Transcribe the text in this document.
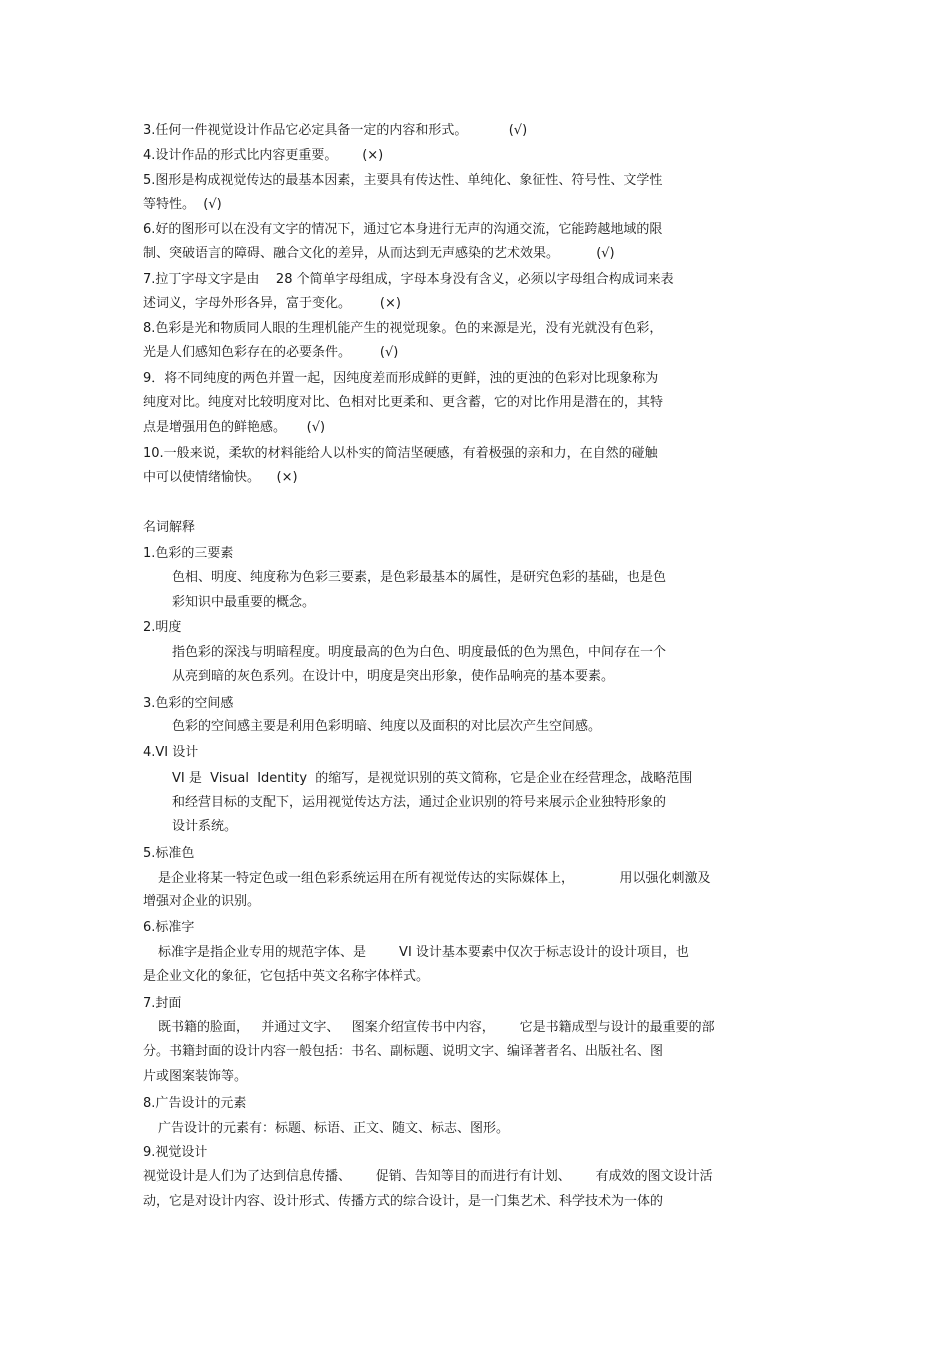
3.任何一件视觉设计作品它必定具备一定的内容和形式。          (√)
4.设计作品的形式比内容更重要。      (×)
5.图形是构成视觉传达的最基本因素，主要具有传达性、单纯化、象征性、符号性、文学性
等特性。  (√)
6.好的图形可以在没有文字的情况下，通过它本身进行无声的沟通交流，它能跨越地域的限
制、突破语言的障碍、融合文化的差异，从而达到无声感染的艺术效果。         (√)
7.拉丁字母文字是由    28 个简单字母组成，字母本身没有含义，必须以字母组合构成词来表
述词义，字母外形各异，富于变化。       (×)
8.色彩是光和物质同人眼的生理机能产生的视觉现象。色的来源是光，没有光就没有色彩，
光是人们感知色彩存在的必要条件。       (√)
9．将不同纯度的两色并置一起，因纯度差而形成鲜的更鲜，浊的更浊的色彩对比现象称为
纯度对比。纯度对比较明度对比、色相对比更柔和、更含蓄，它的对比作用是潜在的，其特
点是增强用色的鲜艳感。     (√)
10.一般来说，柔软的材料能给人以朴实的简洁坚硬感，有着极强的亲和力，在自然的碰触
中可以使情绪愉快。    (×)
名词解释
1.色彩的三要素
色相、明度、纯度称为色彩三要素，是色彩最基本的属性，是研究色彩的基础，也是色
彩知识中最重要的概念。
2.明度
指色彩的深浅与明暗程度。明度最高的色为白色、明度最低的色为黑色，中间存在一个
从亮到暗的灰色系列。在设计中，明度是突出形象，使作品响亮的基本要素。
3.色彩的空间感
色彩的空间感主要是利用色彩明暗、纯度以及面积的对比层次产生空间感。
4.VI 设计
VI 是  Visual  Identity  的缩写，是视觉识别的英文简称，它是企业在经营理念，战略范围
和经营目标的支配下，运用视觉传达方法，通过企业识别的符号来展示企业独特形象的
设计系统。
5.标准色
是企业将某一特定色或一组色彩系统运用在所有视觉传达的实际媒体上，           用以强化刺激及
增强对企业的识别。
6.标准字
标准字是指企业专用的规范字体、是        VI 设计基本要素中仅次于标志设计的设计项目，也
是企业文化的象征，它包括中英文名称字体样式。
7.封面
既书籍的脸面，   并通过文字、   图案介绍宣传书中内容，      它是书籍成型与设计的最重要的部
分。书籍封面的设计内容一般包括：书名、副标题、说明文字、编译著者名、出版社名、图
片或图案装饰等。
8.广告设计的元素
广告设计的元素有：标题、标语、正文、随文、标志、图形。
9.视觉设计
视觉设计是人们为了达到信息传播、      促销、告知等目的而进行有计划、      有成效的图文设计活
动，它是对设计内容、设计形式、传播方式的综合设计，是一门集艺术、科学技术为一体的
